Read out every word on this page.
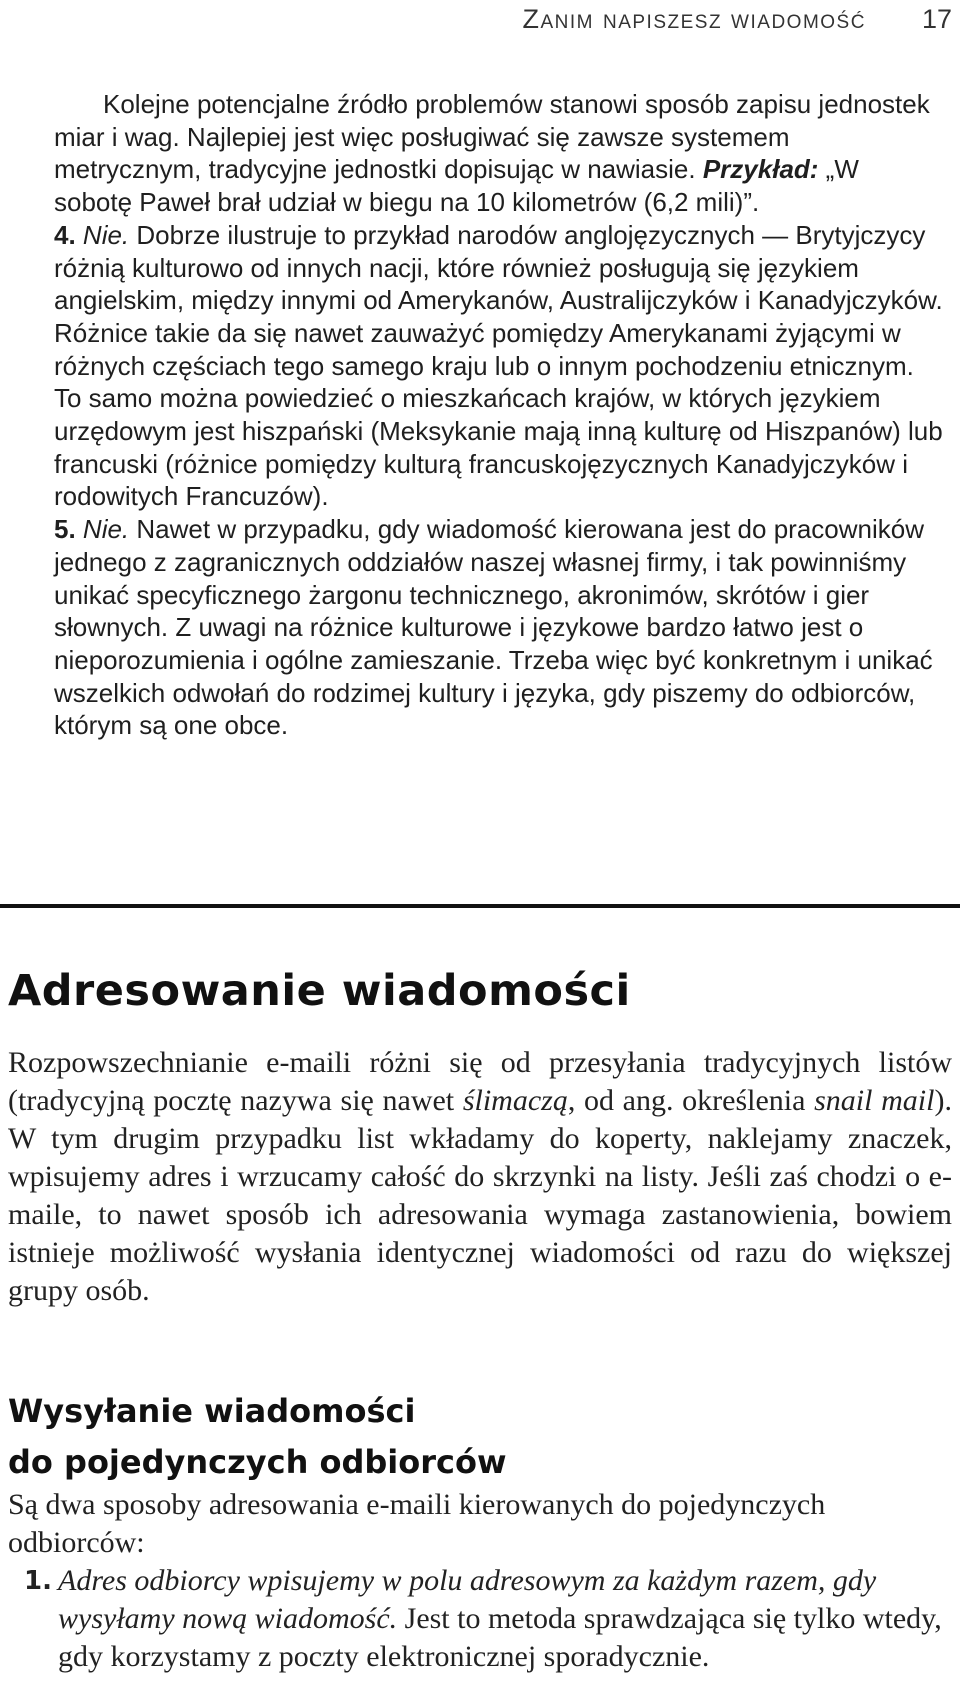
Zanim napiszesz wiadomość 17

Kolejne potencjalne źródło problemów stanowi sposób zapisu jednostek miar i wag. Najlepiej jest więc posługiwać się zawsze systemem metrycznym, tradycyjne jednostki dopisując w nawiasie. Przykład: „W sobotę Paweł brał udział w biegu na 10 kilometrów (6,2 mili)”.

4. Nie. Dobrze ilustruje to przykład narodów anglojęzycznych — Brytyjczycy różnią kulturowo od innych nacji, które również posługują się językiem angielskim, między innymi od Amerykanów, Australijczyków i Kanadyjczyków. Różnice takie da się nawet zauważyć pomiędzy Amerykanami żyjącymi w różnych częściach tego samego kraju lub o innym pochodzeniu etnicznym. To samo można powiedzieć o mieszkańcach krajów, w których językiem urzędowym jest hiszpański (Meksykanie mają inną kulturę od Hiszpanów) lub francuski (różnice pomiędzy kulturą francuskojęzycznych Kanadyjczyków i rodowitych Francuzów).

5. Nie. Nawet w przypadku, gdy wiadomość kierowana jest do pracowników jednego z zagranicznych oddziałów naszej własnej firmy, i tak powinniśmy unikać specyficznego żargonu technicznego, akronimów, skrótów i gier słownych. Z uwagi na różnice kulturowe i językowe bardzo łatwo jest o nieporozumienia i ogólne zamieszanie. Trzeba więc być konkretnym i unikać wszelkich odwołań do rodzimej kultury i języka, gdy piszemy do odbiorców, którym są one obce.

Adresowanie wiadomości

Rozpowszechnianie e-maili różni się od przesyłania tradycyjnych listów (tradycyjną pocztę nazywa się nawet ślimaczą, od ang. określenia snail mail). W tym drugim przypadku list wkładamy do koperty, naklejamy znaczek, wpisujemy adres i wrzucamy całość do skrzynki na listy. Jeśli zaś chodzi o e-maile, to nawet sposób ich adresowania wymaga zastanowienia, bowiem istnieje możliwość wysłania identycznej wiadomości od razu do większej grupy osób.

Wysyłanie wiadomości
do pojedynczych odbiorców

Są dwa sposoby adresowania e-maili kierowanych do pojedynczych odbiorców:

1. Adres odbiorcy wpisujemy w polu adresowym za każdym razem, gdy wysyłamy nową wiadomość. Jest to metoda sprawdzająca się tylko wtedy, gdy korzystamy z poczty elektronicznej sporadycznie.
